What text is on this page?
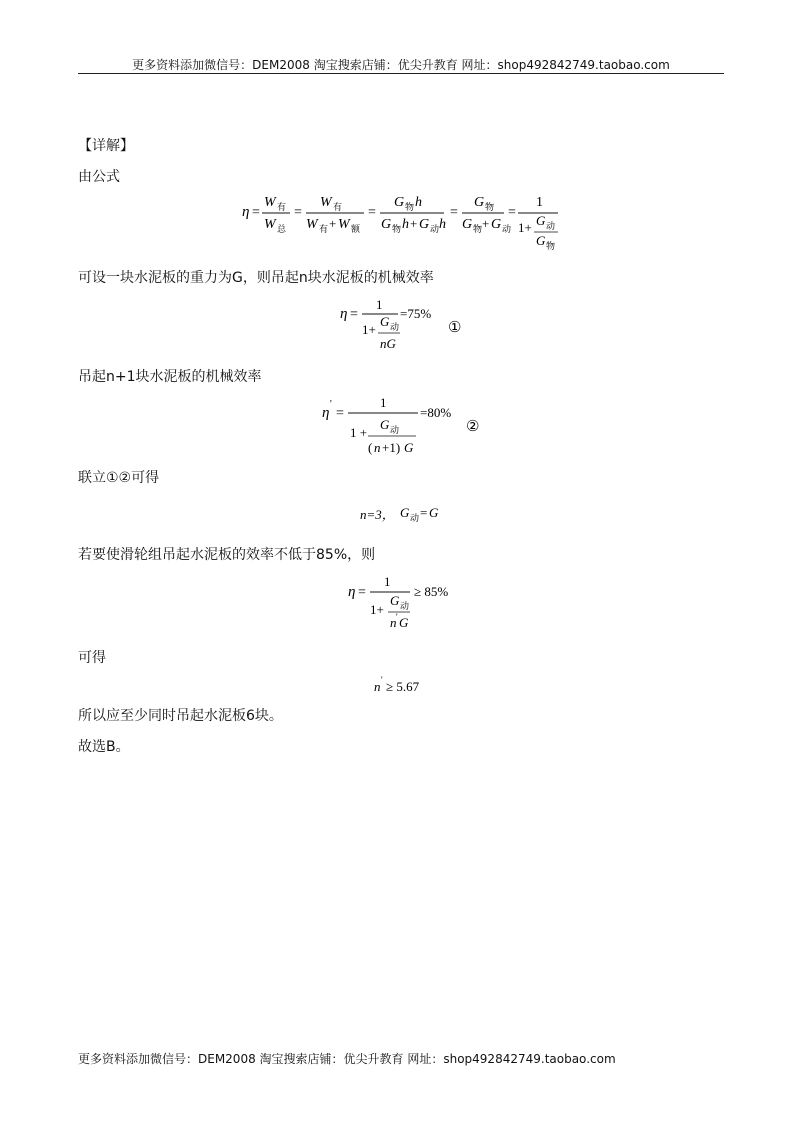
更多资料添加微信号：DEM2008 淘宝搜索店铺：优尖升教育 网址：shop492842749.taobao.com
【详解】
由公式
η =
W 有
W 总
=
W 有
W 有 + W 额
=
G 物 h
G 物 h + G 动 h
=
G 物
G 物 + G 动
=
1
1+ G 动
G 物
可设一块水泥板的重力为G，则吊起n块水泥板的机械效率
η =
1
1+
G 动
nG
=75%
①
吊起n+1块水泥板的机械效率
η
'
=
1
1 +
G 动
( n +1) G
=80%
②
联立①②可得
n=3， G 动 = G
若要使滑轮组吊起水泥板的效率不低于85%，则
η =
1
1+
G 动
n ' G
≥ 85%
可得
n ' ≥ 5.67
所以应至少同时吊起水泥板6块。
故选B。
更多资料添加微信号：DEM2008 淘宝搜索店铺：优尖升教育 网址：shop492842749.taobao.com
